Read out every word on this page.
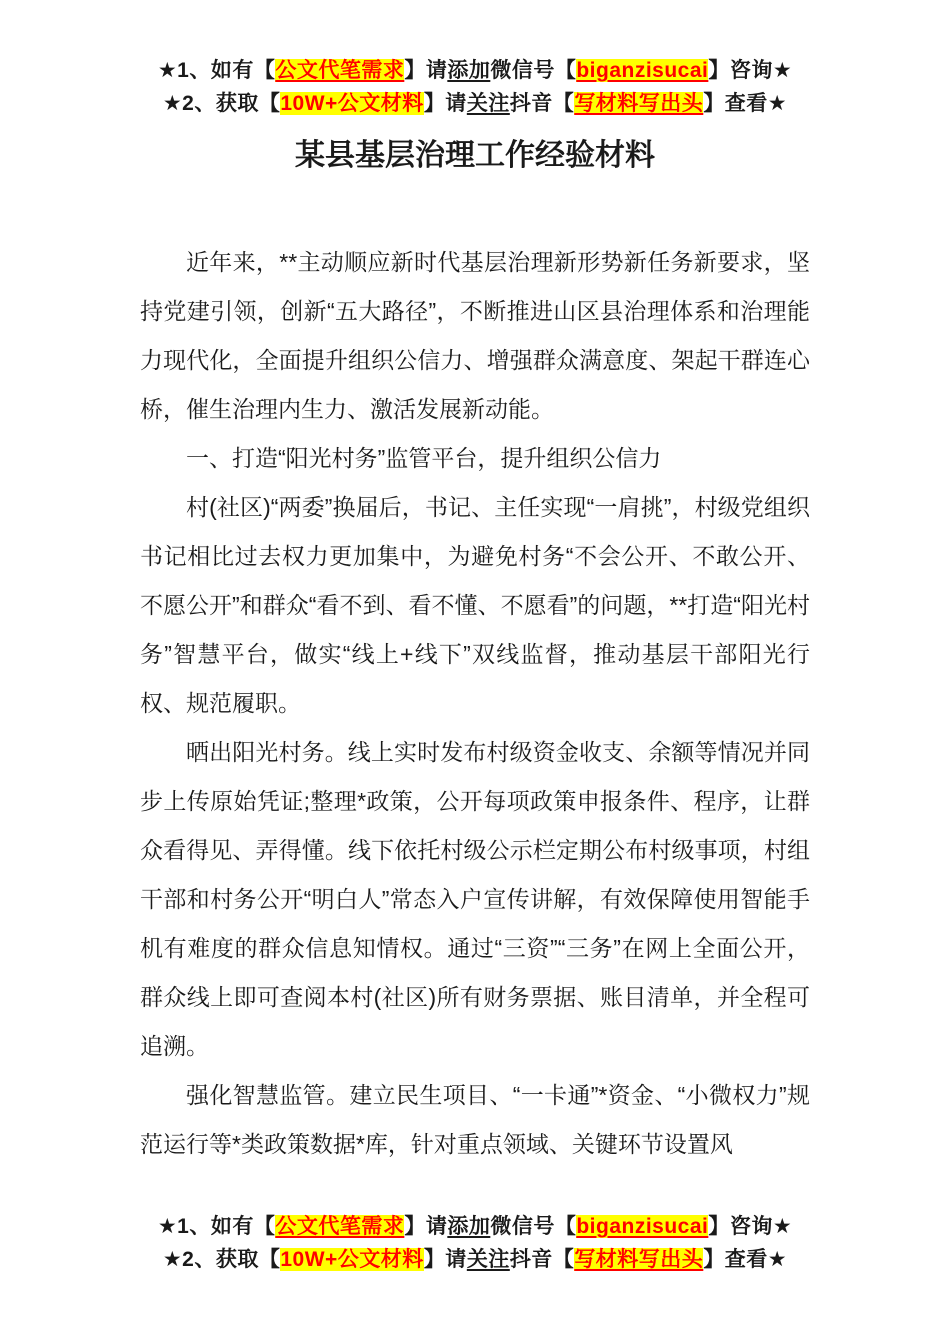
★1、如有【公文代笔需求】请添加微信号【biganzisucai】咨询★
★2、获取【10W+公文材料】请关注抖音【写材料写出头】查看★
某县基层治理工作经验材料

近年来，**主动顺应新时代基层治理新形势新任务新要求，坚持党建引领，创新“五大路径”，不断推进山区县治理体系和治理能力现代化，全面提升组织公信力、增强群众满意度、架起干群连心桥，催生治理内生力、激活发展新动能。

一、打造“阳光村务”监管平台，提升组织公信力

村(社区)“两委”换届后，书记、主任实现“一肩挑”，村级党组织书记相比过去权力更加集中，为避免村务“不会公开、不敢公开、不愿公开”和群众“看不到、看不懂、不愿看”的问题，**打造“阳光村务”智慧平台，做实“线上+线下”双线监督，推动基层干部阳光行权、规范履职。

晒出阳光村务。线上实时发布村级资金收支、余额等情况并同步上传原始凭证;整理*政策，公开每项政策申报条件、程序，让群众看得见、弄得懂。线下依托村级公示栏定期公布村级事项，村组干部和村务公开“明白人”常态入户宣传讲解，有效保障使用智能手机有难度的群众信息知情权。通过“三资”“三务”在网上全面公开，群众线上即可查阅本村(社区)所有财务票据、账目清单，并全程可追溯。

强化智慧监管。建立民生项目、“一卡通”*资金、“小微权力”规范运行等*类政策数据*库，针对重点领域、关键环节设置风

★1、如有【公文代笔需求】请添加微信号【biganzisucai】咨询★
★2、获取【10W+公文材料】请关注抖音【写材料写出头】查看★
